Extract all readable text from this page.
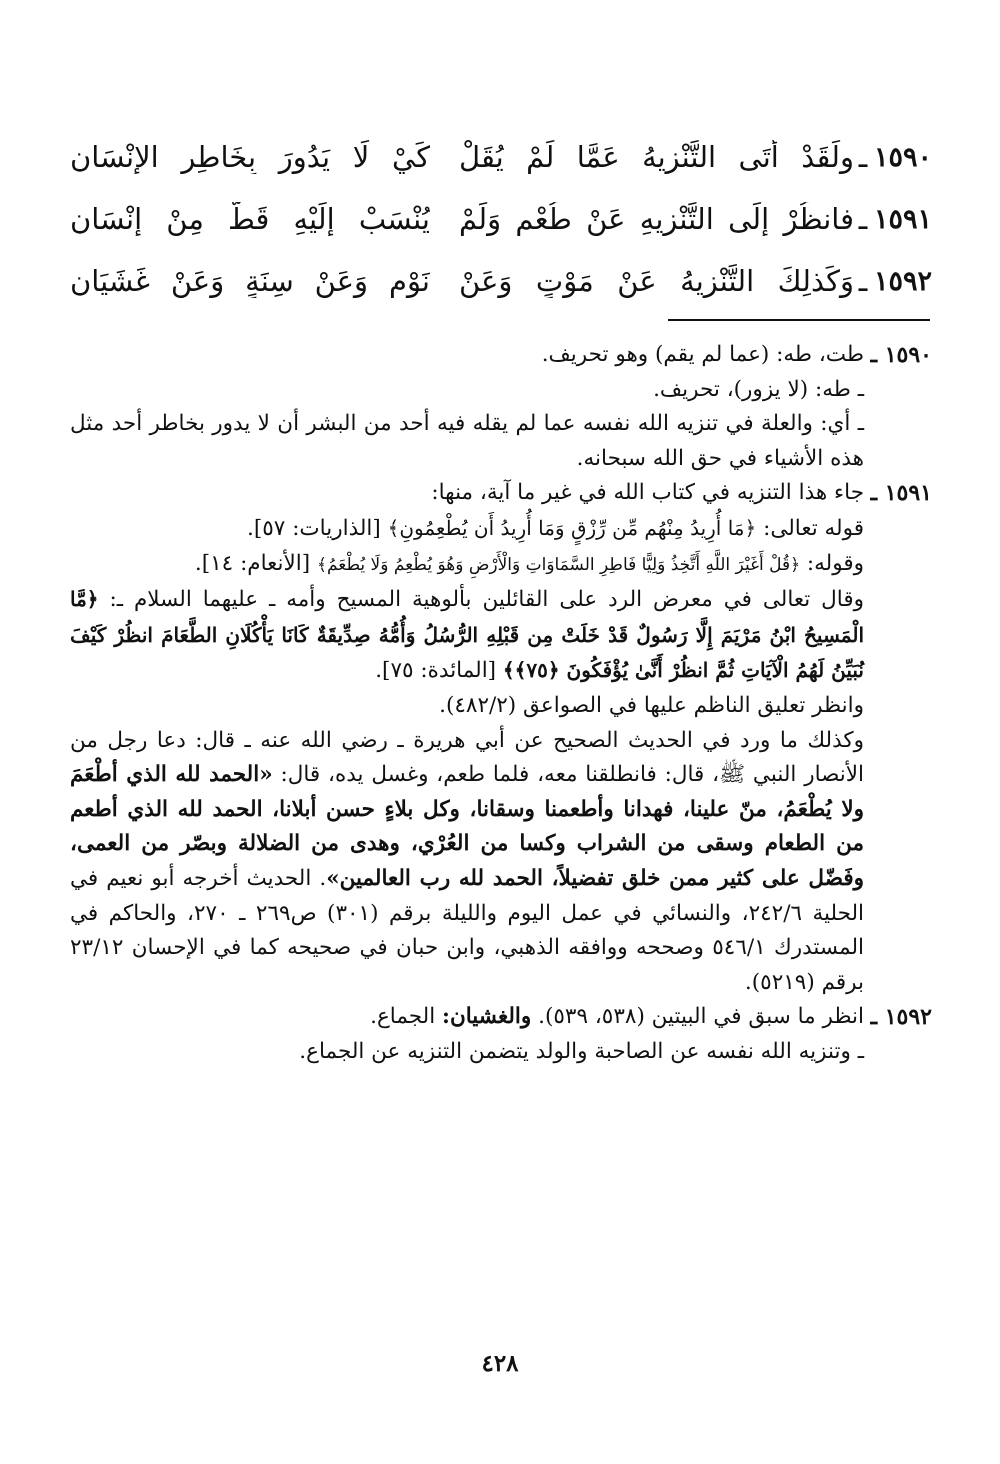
١٥٩٠
ـ
ولَقَدْ أَتَى التَّنْزِيهُ عَمَّا لَمْ يُقَلْ
كَيْ لَا يَدُورَ بِخَاطِرِ الإِنْسَانِ
١٥٩١
ـ
فانظُرْ إِلَى التَّنْزِيهِ عَنْ طُعْمٍ وَلَمْ
يُنْسَبْ إِلَيْهِ قَطُّ مِنْ إِنْسَانِ
١٥٩٢
ـ
وَكَذلِكَ التَّنْزِيهُ عَنْ مَوْتٍ وَعَنْ
نَوْمٍ وَعَنْ سِنَةٍ وَعَنْ غَشَيَانِ
١٥٩٠ ـ

طت، طه: (عما لم يقم) وهو تحريف.

ـ طه: (لا يزور)، تحريف.

ـ أي: والعلة في تنزيه الله نفسه عما لم يقله فيه أحد من البشر أن لا يدور بخاطر أحد مثل هذه الأشياء في حق الله سبحانه.

١٥٩١ ـ

جاء هذا التنزيه في كتاب الله في غير ما آية، منها:

قوله تعالى: ﴿مَا أُرِيدُ مِنْهُم مِّن رِّزْقٍ وَمَا أُرِيدُ أَن يُطْعِمُونِ﴾ [الذاريات: ٥٧].

وقوله: ﴿قُلْ أَغَيْرَ اللَّهِ أَتَّخِذُ وَلِيًّا فَاطِرِ السَّمَاوَاتِ وَالْأَرْضِ وَهُوَ يُطْعِمُ وَلَا يُطْعَمُ﴾ [الأنعام: ١٤].

وقال تعالى في معرض الرد على القائلين بألوهية المسيح وأمه ـ عليهما السلام ـ: ﴿مَّا الْمَسِيحُ ابْنُ مَرْيَمَ إِلَّا رَسُولٌ قَدْ خَلَتْ مِن قَبْلِهِ الرُّسُلُ وَأُمُّهُ صِدِّيقَةٌ كَانَا يَأْكُلَانِ الطَّعَامَ انظُرْ كَيْفَ نُبَيِّنُ لَهُمُ الْآيَاتِ ثُمَّ انظُرْ أَنَّىٰ يُؤْفَكُونَ ﴿٧٥﴾﴾ [المائدة: ٧٥].

وانظر تعليق الناظم عليها في الصواعق (٤٨٢/٢).

وكذلك ما ورد في الحديث الصحيح عن أبي هريرة ـ رضي الله عنه ـ قال: دعا رجل من الأنصار النبي ﷺ، قال: فانطلقنا معه، فلما طعم، وغسل يده، قال: «الحمد لله الذي أطْعَمَ ولا يُطْعَمُ، منّ علينا، فهدانا وأطعمنا وسقانا، وكل بلاءٍ حسن أبلانا، الحمد لله الذي أطعم من الطعام وسقى من الشراب وكسا من العُرْي، وهدى من الضلالة وبصّر من العمى، وفَضّل على كثير ممن خلق تفضيلاً، الحمد لله رب العالمين». الحديث أخرجه أبو نعيم في الحلية ٢٤٢/٦، والنسائي في عمل اليوم والليلة برقم (٣٠١) ص٢٦٩ ـ ٢٧٠، والحاكم في المستدرك ٥٤٦/١ وصححه ووافقه الذهبي، وابن حبان في صحيحه كما في الإحسان ٢٣/١٢ برقم (٥٢١٩).

١٥٩٢ ـ

انظر ما سبق في البيتين (٥٣٨، ٥٣٩). والغشيان: الجماع.

ـ وتنزيه الله نفسه عن الصاحبة والولد يتضمن التنزيه عن الجماع.

٤٢٨
